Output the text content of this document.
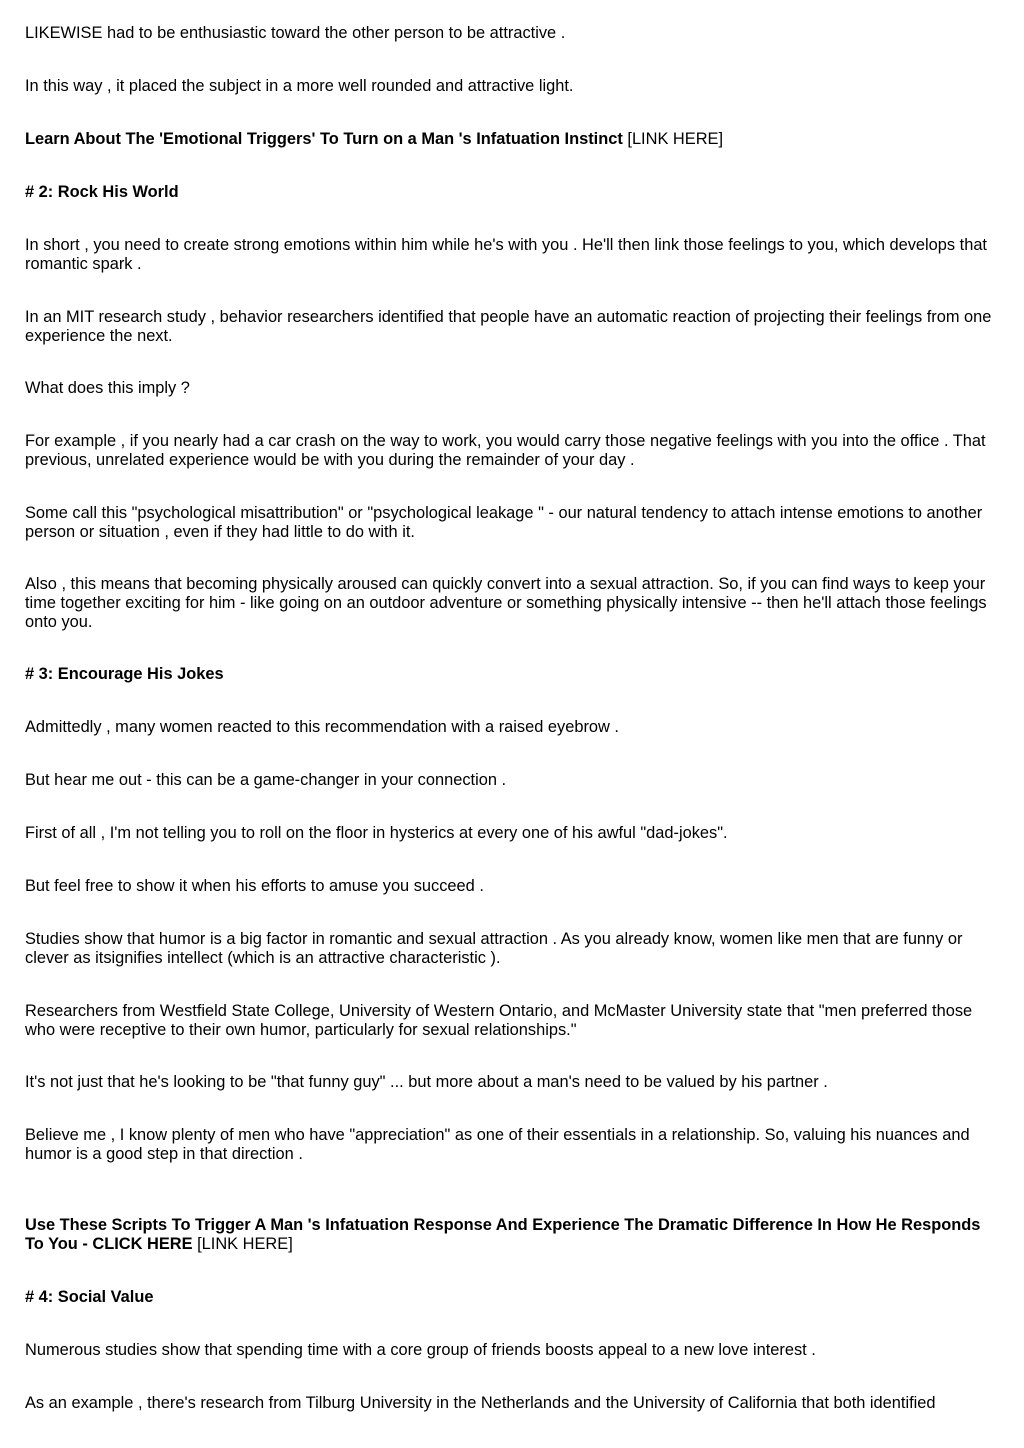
LIKEWISE had to be enthusiastic toward the other person to be attractive .

In this way , it placed the subject in a more well rounded and attractive light.

Learn About The 'Emotional Triggers' To Turn on a Man 's Infatuation Instinct [LINK HERE]

# 2: Rock His World

In short , you need to create strong emotions within him while he's with you . He'll then link those feelings to you, which develops that romantic spark .

In an MIT research study , behavior researchers identified that people have an automatic reaction of projecting their feelings from one experience the next.

What does this imply ?

For example , if you nearly had a car crash on the way to work, you would carry those negative feelings with you into the office . That previous, unrelated experience would be with you during the remainder of your day .

Some call this "psychological misattribution" or "psychological leakage " - our natural tendency to attach intense emotions to another person or situation , even if they had little to do with it.

Also , this means that becoming physically aroused can quickly convert into a sexual attraction. So, if you can find ways to keep your time together exciting for him - like going on an outdoor adventure or something physically intensive -- then he'll attach those feelings onto you.

# 3: Encourage His Jokes

Admittedly , many women reacted to this recommendation with a raised eyebrow .

But hear me out - this can be a game-changer in your connection .

First of all , I'm not telling you to roll on the floor in hysterics at every one of his awful "dad-jokes".

But feel free to show it when his efforts to amuse you succeed .

Studies show that humor is a big factor in romantic and sexual attraction . As you already know, women like men that are funny or clever as itsignifies intellect (which is an attractive characteristic ).

Researchers from Westfield State College, University of Western Ontario, and McMaster University state that "men preferred those who were receptive to their own humor, particularly for sexual relationships."

It's not just that he's looking to be "that funny guy" ... but more about a man's need to be valued by his partner .

Believe me , I know plenty of men who have "appreciation" as one of their essentials in a relationship. So, valuing his nuances and humor is a good step in that direction .

Use These Scripts To Trigger A Man 's Infatuation Response And Experience The Dramatic Difference In How He Responds To You - CLICK HERE [LINK HERE]

# 4: Social Value

Numerous studies show that spending time with a core group of friends boosts appeal to a new love interest .

As an example , there's research from Tilburg University in the Netherlands and the University of California that both identified
